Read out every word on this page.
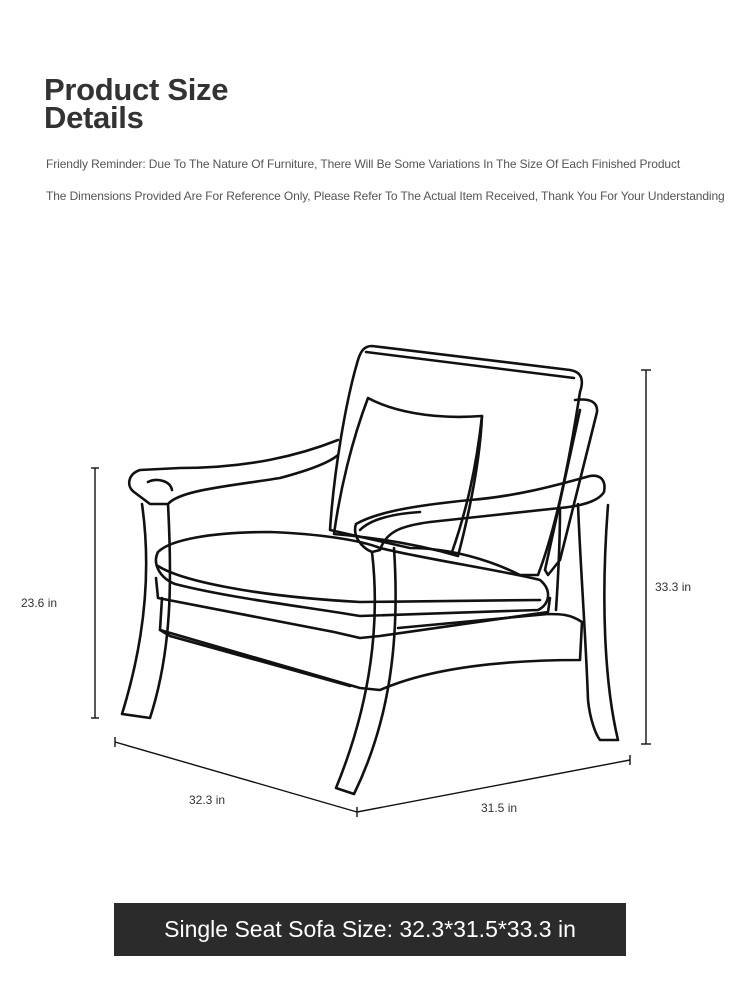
Product Size
Details
Friendly Reminder: Due To The Nature Of Furniture, There Will Be Some Variations In The Size Of Each Finished Product
The Dimensions Provided Are For Reference Only, Please Refer To The Actual Item Received, Thank You For Your Understanding
23.6 in
33.3 in
32.3 in
31.5 in
Single Seat Sofa Size: 32.3*31.5*33.3 in
